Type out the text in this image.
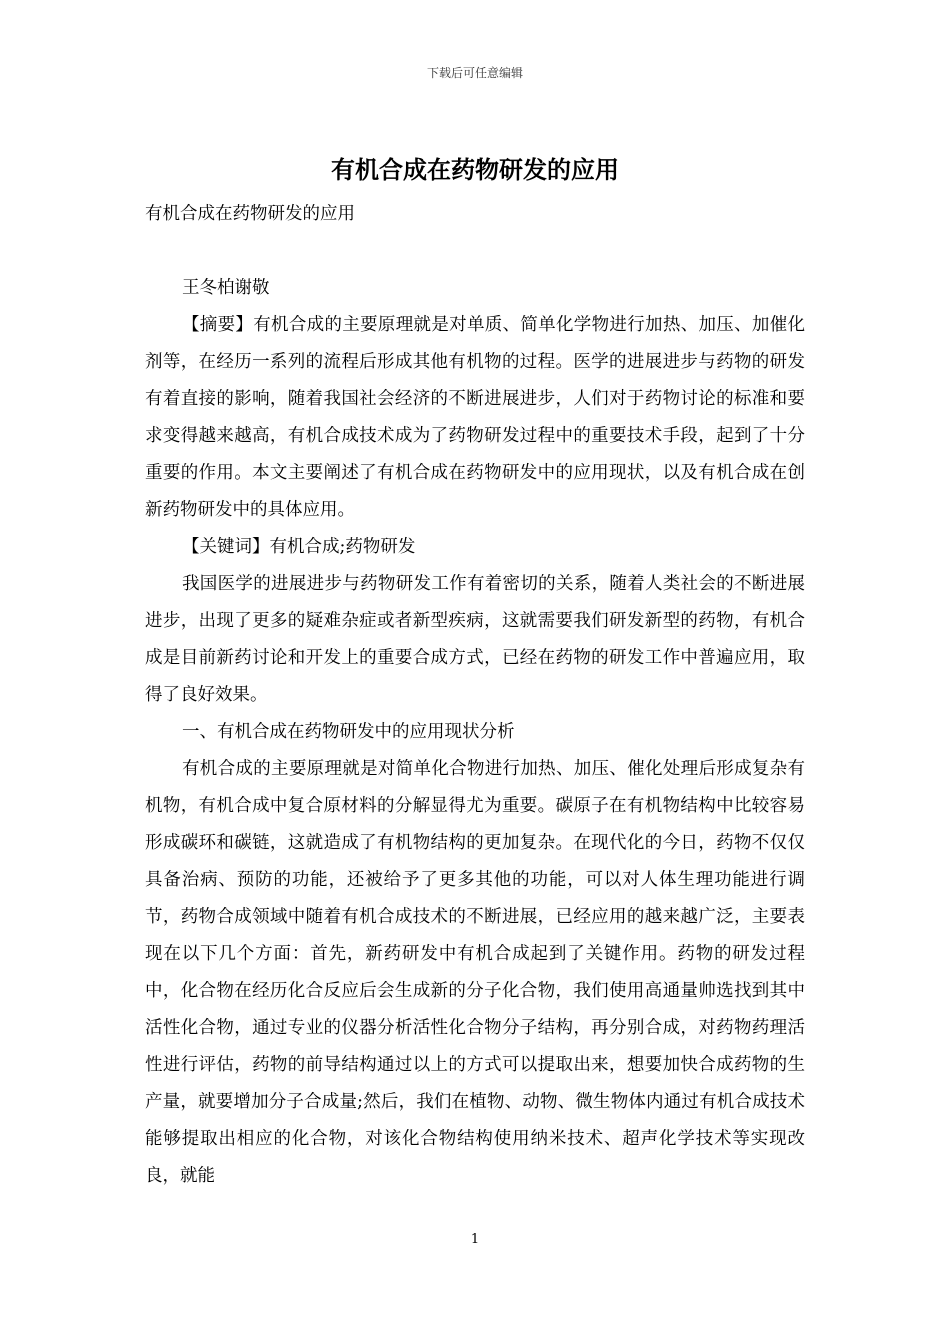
下载后可任意编辑
有机合成在药物研发的应用

有机合成在药物研发的应用

王冬柏谢敬

【摘要】有机合成的主要原理就是对单质、简单化学物进行加热、加压、加催化剂等，在经历一系列的流程后形成其他有机物的过程。医学的进展进步与药物的研发有着直接的影响，随着我国社会经济的不断进展进步，人们对于药物讨论的标准和要求变得越来越高，有机合成技术成为了药物研发过程中的重要技术手段，起到了十分重要的作用。本文主要阐述了有机合成在药物研发中的应用现状，以及有机合成在创新药物研发中的具体应用。

【关键词】有机合成;药物研发

我国医学的进展进步与药物研发工作有着密切的关系，随着人类社会的不断进展进步，出现了更多的疑难杂症或者新型疾病，这就需要我们研发新型的药物，有机合成是目前新药讨论和开发上的重要合成方式，已经在药物的研发工作中普遍应用，取得了良好效果。

一、有机合成在药物研发中的应用现状分析

有机合成的主要原理就是对简单化合物进行加热、加压、催化处理后形成复杂有机物，有机合成中复合原材料的分解显得尤为重要。碳原子在有机物结构中比较容易形成碳环和碳链，这就造成了有机物结构的更加复杂。在现代化的今日，药物不仅仅具备治病、预防的功能，还被给予了更多其他的功能，可以对人体生理功能进行调节，药物合成领域中随着有机合成技术的不断进展，已经应用的越来越广泛，主要表现在以下几个方面：首先，新药研发中有机合成起到了关键作用。药物的研发过程中，化合物在经历化合反应后会生成新的分子化合物，我们使用高通量帅选找到其中活性化合物，通过专业的仪器分析活性化合物分子结构，再分别合成，对药物药理活性进行评估，药物的前导结构通过以上的方式可以提取出来，想要加快合成药物的生产量，就要增加分子合成量;然后，我们在植物、动物、微生物体内通过有机合成技术能够提取出相应的化合物，对该化合物结构使用纳米技术、超声化学技术等实现改良，就能

1
